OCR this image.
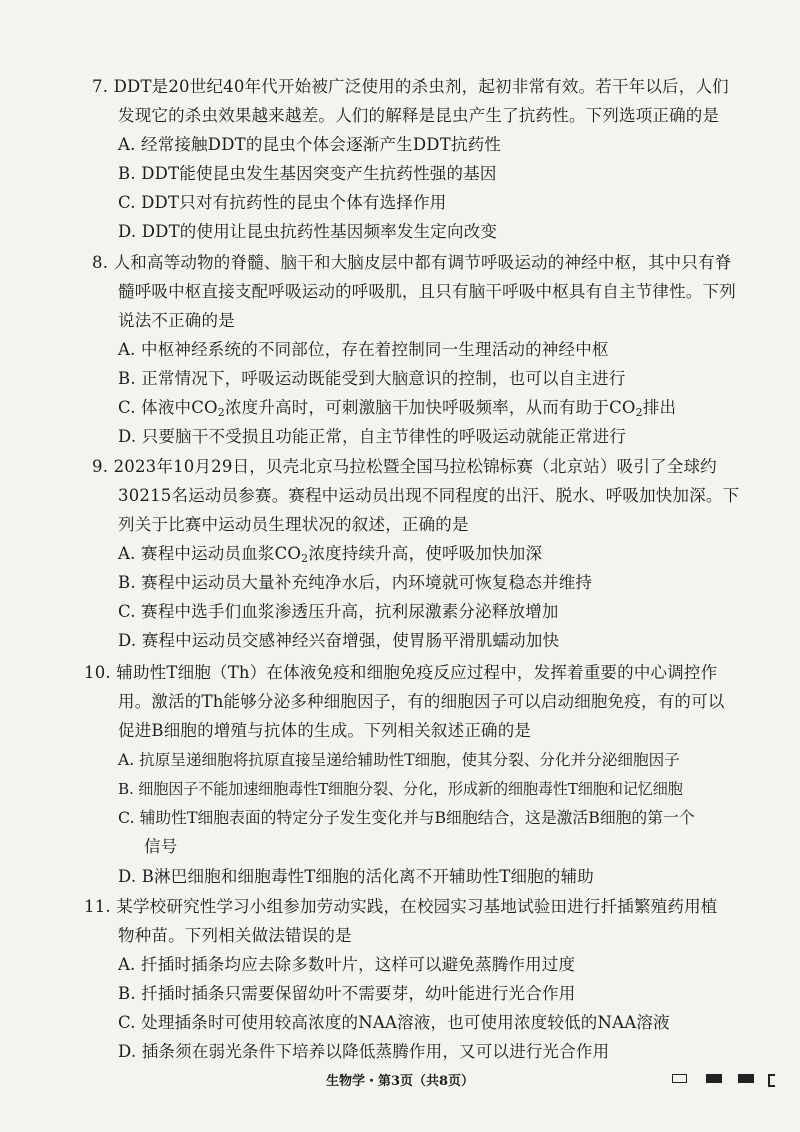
7. DDT是20世纪40年代开始被广泛使用的杀虫剂，起初非常有效。若干年以后，人们
发现它的杀虫效果越来越差。人们的解释是昆虫产生了抗药性。下列选项正确的是
A. 经常接触DDT的昆虫个体会逐渐产生DDT抗药性
B. DDT能使昆虫发生基因突变产生抗药性强的基因
C. DDT只对有抗药性的昆虫个体有选择作用
D. DDT的使用让昆虫抗药性基因频率发生定向改变
8. 人和高等动物的脊髓、脑干和大脑皮层中都有调节呼吸运动的神经中枢，其中只有脊
髓呼吸中枢直接支配呼吸运动的呼吸肌，且只有脑干呼吸中枢具有自主节律性。下列
说法不正确的是
A. 中枢神经系统的不同部位，存在着控制同一生理活动的神经中枢
B. 正常情况下，呼吸运动既能受到大脑意识的控制，也可以自主进行
C. 体液中$CO_2$浓度升高时，可刺激脑干加快呼吸频率，从而有助于$CO_2$排出
D. 只要脑干不受损且功能正常，自主节律性的呼吸运动就能正常进行
9. 2023年10月29日，贝壳北京马拉松暨全国马拉松锦标赛（北京站）吸引了全球约
30215名运动员参赛。赛程中运动员出现不同程度的出汗、脱水、呼吸加快加深。下
列关于比赛中运动员生理状况的叙述，正确的是
A. 赛程中运动员血浆$CO_2$浓度持续升高，使呼吸加快加深
B. 赛程中运动员大量补充纯净水后，内环境就可恢复稳态并维持
C. 赛程中选手们血浆渗透压升高，抗利尿激素分泌释放增加
D. 赛程中运动员交感神经兴奋增强，使胃肠平滑肌蠕动加快
10. 辅助性T细胞（Th）在体液免疫和细胞免疫反应过程中，发挥着重要的中心调控作
用。激活的Th能够分泌多种细胞因子，有的细胞因子可以启动细胞免疫，有的可以
促进B细胞的增殖与抗体的生成。下列相关叙述正确的是
A. 抗原呈递细胞将抗原直接呈递给辅助性T细胞，使其分裂、分化并分泌细胞因子
B. 细胞因子不能加速细胞毒性T细胞分裂、分化，形成新的细胞毒性T细胞和记忆细胞
C. 辅助性T细胞表面的特定分子发生变化并与B细胞结合，这是激活B细胞的第一个
信号
D. B淋巴细胞和细胞毒性T细胞的活化离不开辅助性T细胞的辅助
11. 某学校研究性学习小组参加劳动实践，在校园实习基地试验田进行扦插繁殖药用植
物种苗。下列相关做法错误的是
A. 扦插时插条均应去除多数叶片，这样可以避免蒸腾作用过度
B. 扦插时插条只需要保留幼叶不需要芽，幼叶能进行光合作用
C. 处理插条时可使用较高浓度的NAA溶液，也可使用浓度较低的NAA溶液
D. 插条须在弱光条件下培养以降低蒸腾作用，又可以进行光合作用
生物学・第3页（共8页）
